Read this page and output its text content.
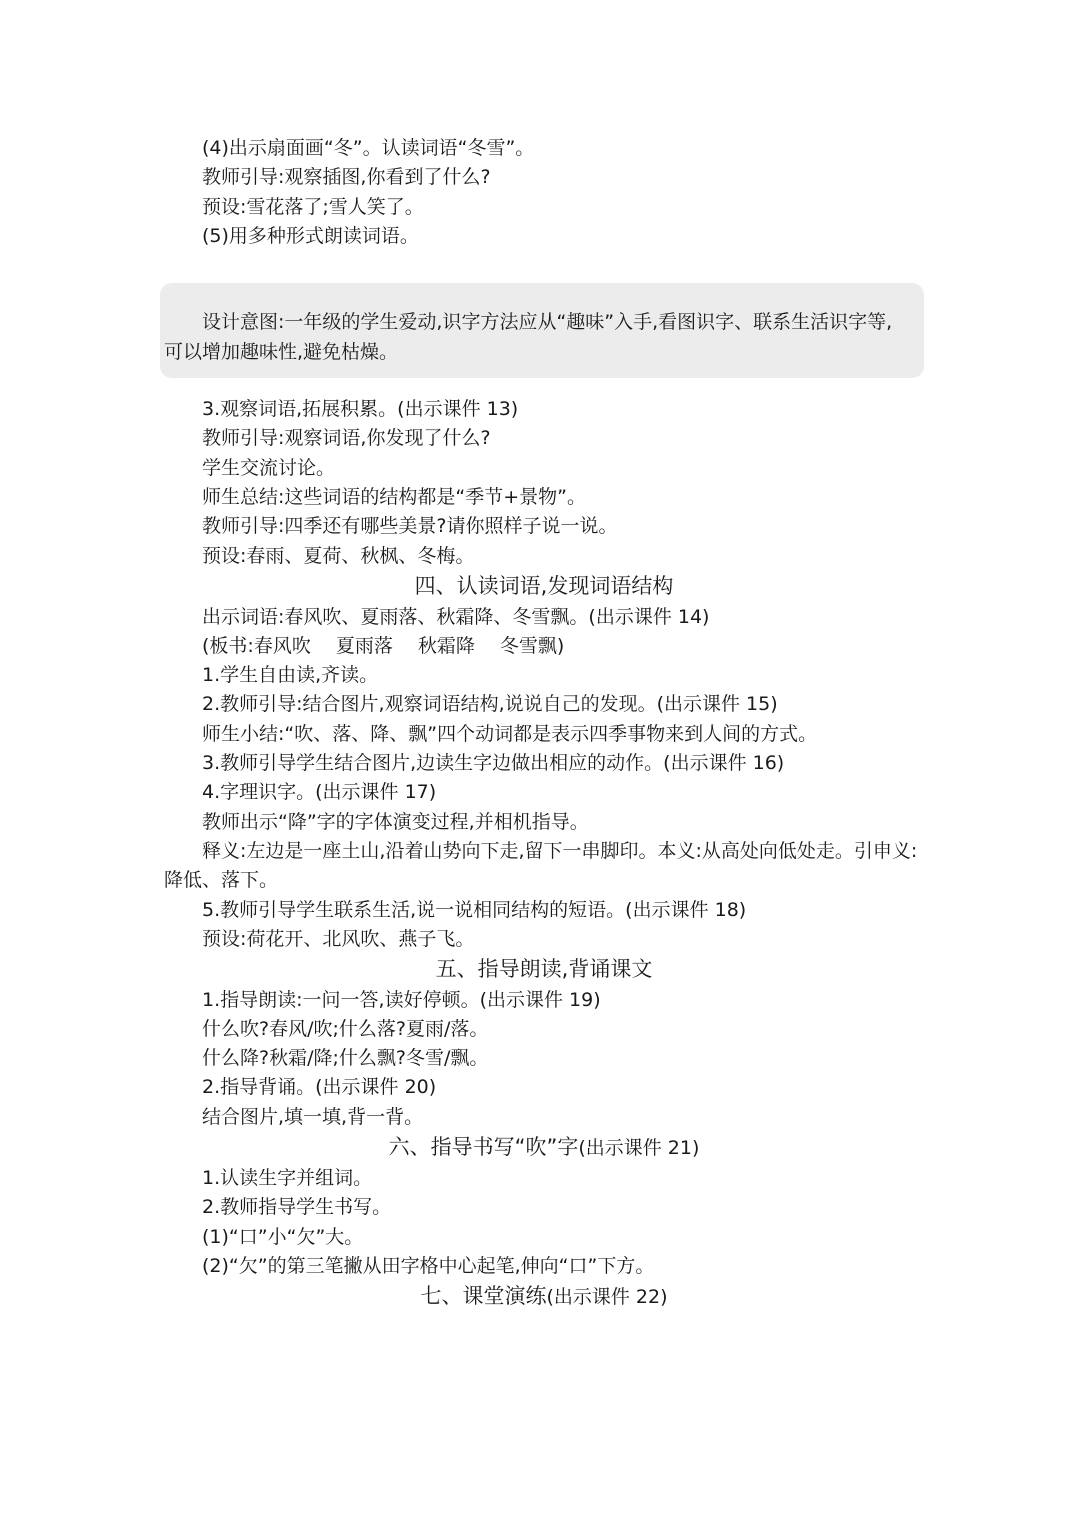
(4)出示扇面画“冬”。认读词语“冬雪”。
教师引导:观察插图,你看到了什么?
预设:雪花落了;雪人笑了。
(5)用多种形式朗读词语。
设计意图:一年级的学生爱动,识字方法应从“趣味”入手,看图识字、联系生活识字等,
可以增加趣味性,避免枯燥。
3.观察词语,拓展积累。(出示课件 13)
教师引导:观察词语,你发现了什么?
学生交流讨论。
师生总结:这些词语的结构都是“季节+景物”。
教师引导:四季还有哪些美景?请你照样子说一说。
预设:春雨、夏荷、秋枫、冬梅。
四、认读词语,发现词语结构
出示词语:春风吹、夏雨落、秋霜降、冬雪飘。(出示课件 14)
(板书:春风吹　 夏雨落　 秋霜降　 冬雪飘)
1.学生自由读,齐读。
2.教师引导:结合图片,观察词语结构,说说自己的发现。(出示课件 15)
师生小结:“吹、落、降、飘”四个动词都是表示四季事物来到人间的方式。
3.教师引导学生结合图片,边读生字边做出相应的动作。(出示课件 16)
4.字理识字。(出示课件 17)
教师出示“降”字的字体演变过程,并相机指导。
释义:左边是一座土山,沿着山势向下走,留下一串脚印。本义:从高处向低处走。引申义:
降低、落下。
5.教师引导学生联系生活,说一说相同结构的短语。(出示课件 18)
预设:荷花开、北风吹、燕子飞。
五、指导朗读,背诵课文
1.指导朗读:一问一答,读好停顿。(出示课件 19)
什么吹?春风/吹;什么落?夏雨/落。
什么降?秋霜/降;什么飘?冬雪/飘。
2.指导背诵。(出示课件 20)
结合图片,填一填,背一背。
六、指导书写“吹”字(出示课件 21)
1.认读生字并组词。
2.教师指导学生书写。
(1)“口”小“欠”大。
(2)“欠”的第三笔撇从田字格中心起笔,伸向“口”下方。
七、课堂演练(出示课件 22)
